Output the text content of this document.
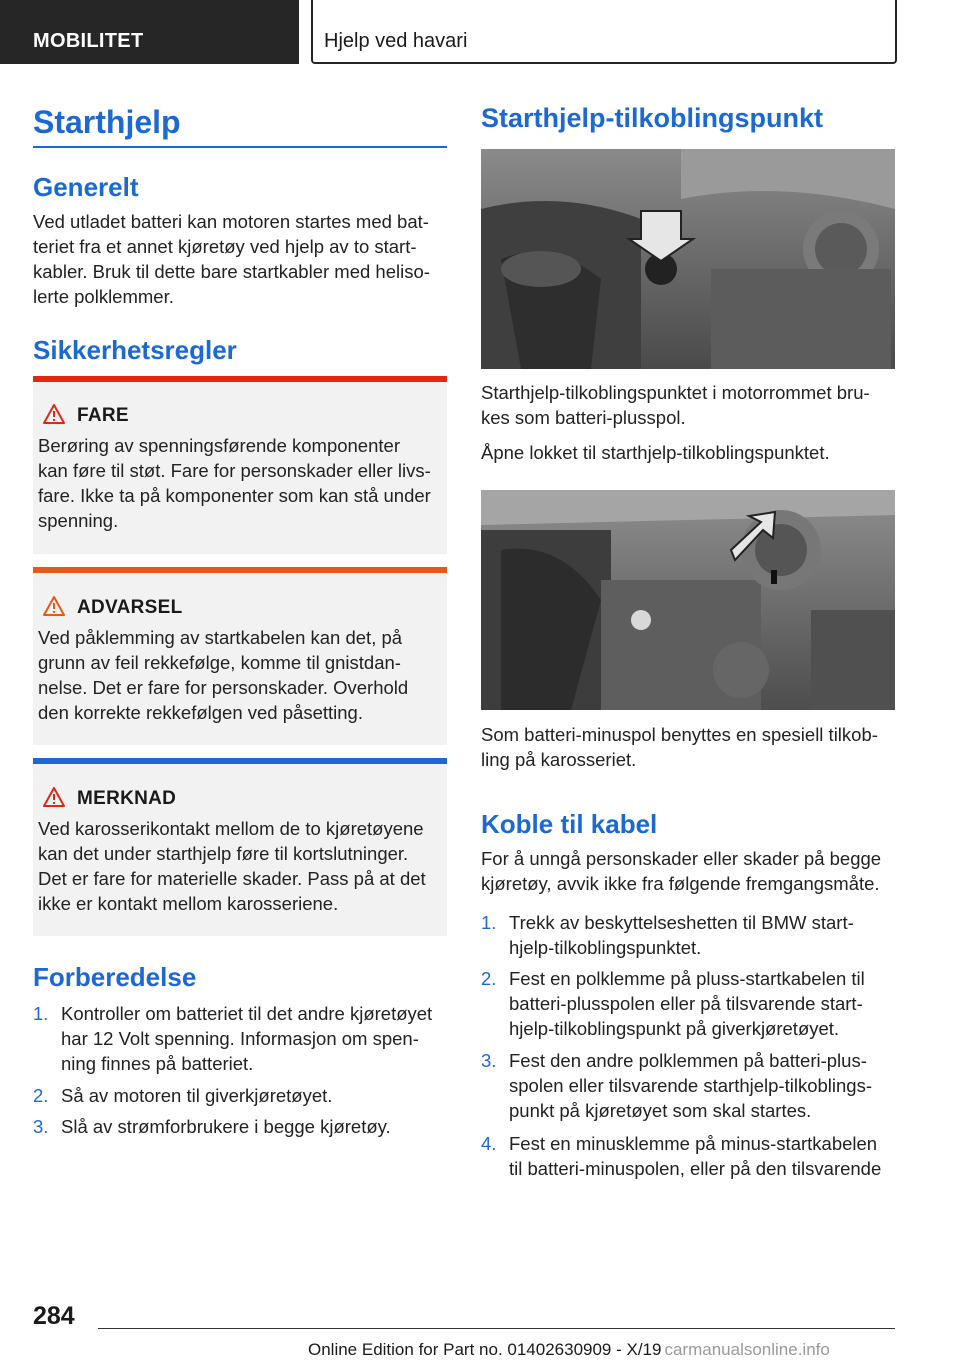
MOBILITET	Hjelp ved havari
Starthjelp
Generelt
Ved utladet batteri kan motoren startes med bat-
teriet fra et annet kjøretøy ved hjelp av to start-
kabler. Bruk til dette bare startkabler med heliso-
lerte polklemmer.
Sikkerhetsregler
FARE
Berøring av spenningsførende komponenter
kan føre til støt. Fare for personskader eller livs-
fare. Ikke ta på komponenter som kan stå under
spenning.
ADVARSEL
Ved påklemming av startkabelen kan det, på
grunn av feil rekkefølge, komme til gnistdan-
nelse. Det er fare for personskader. Overhold
den korrekte rekkefølgen ved påsetting.
MERKNAD
Ved karosserikontakt mellom de to kjøretøyene
kan det under starthjelp føre til kortslutninger.
Det er fare for materielle skader. Pass på at det
ikke er kontakt mellom karosseriene.
Forberedelse
1. Kontroller om batteriet til det andre kjøretøyet
har 12 Volt spenning. Informasjon om spen-
ning finnes på batteriet.
2. Så av motoren til giverkjøretøyet.
3. Slå av strømforbrukere i begge kjøretøy.
Starthjelp-tilkoblingspunkt
Starthjelp-tilkoblingspunktet i motorrommet bru-
kes som batteri-plusspol.
Åpne lokket til starthjelp-tilkoblingspunktet.
Som batteri-minuspol benyttes en spesiell tilkob-
ling på karosseriet.
Koble til kabel
For å unngå personskader eller skader på begge
kjøretøy, avvik ikke fra følgende fremgangsmåte.
1. Trekk av beskyttelseshetten til BMW start-
hjelp-tilkoblingspunktet.
2. Fest en polklemme på pluss-startkabelen til
batteri-plusspolen eller på tilsvarende start-
hjelp-tilkoblingspunkt på giverkjøretøyet.
3. Fest den andre polklemmen på batteri-plus-
spolen eller tilsvarende starthjelp-tilkoblings-
punkt på kjøretøyet som skal startes.
4. Fest en minusklemme på minus-startkabelen
til batteri-minuspolen, eller på den tilsvarende
284
Online Edition for Part no. 01402630909 - X/19 carmanualsonline.info
